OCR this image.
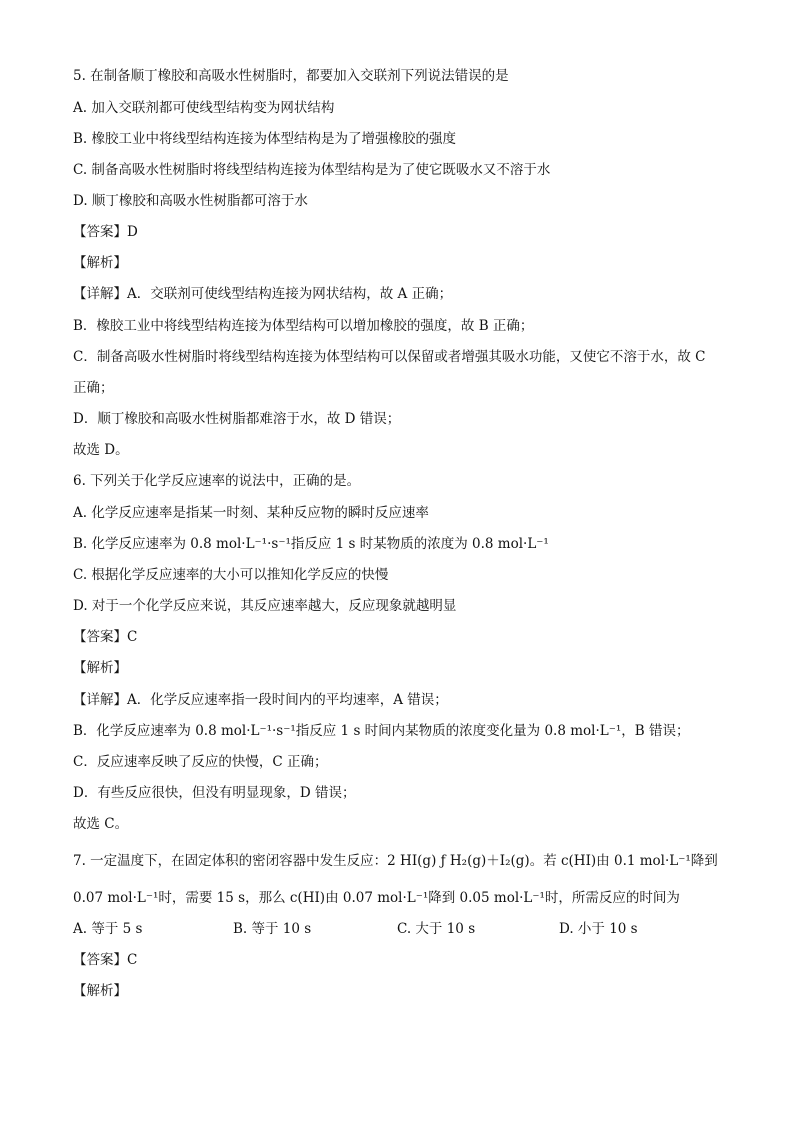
5. 在制备顺丁橡胶和高吸水性树脂时，都要加入交联剂下列说法错误的是
A. 加入交联剂都可使线型结构变为网状结构
B. 橡胶工业中将线型结构连接为体型结构是为了增强橡胶的强度
C. 制备高吸水性树脂时将线型结构连接为体型结构是为了使它既吸水又不溶于水
D. 顺丁橡胶和高吸水性树脂都可溶于水
【答案】D
【解析】
【详解】A．交联剂可使线型结构连接为网状结构，故 A 正确；
B．橡胶工业中将线型结构连接为体型结构可以增加橡胶的强度，故 B 正确；
C．制备高吸水性树脂时将线型结构连接为体型结构可以保留或者增强其吸水功能，又使它不溶于水，故 C
正确；
D．顺丁橡胶和高吸水性树脂都难溶于水，故 D 错误；
故选 D。
6. 下列关于化学反应速率的说法中，正确的是。
A. 化学反应速率是指某一时刻、某种反应物的瞬时反应速率
B. 化学反应速率为 0.8 mol·L⁻¹·s⁻¹指反应 1 s 时某物质的浓度为 0.8 mol·L⁻¹
C. 根据化学反应速率的大小可以推知化学反应的快慢
D. 对于一个化学反应来说，其反应速率越大，反应现象就越明显
【答案】C
【解析】
【详解】A．化学反应速率指一段时间内的平均速率，A 错误；
B．化学反应速率为 0.8 mol·L⁻¹·s⁻¹指反应 1 s 时间内某物质的浓度变化量为 0.8 mol·L⁻¹，B 错误；
C．反应速率反映了反应的快慢，C 正确；
D．有些反应很快，但没有明显现象，D 错误；
故选 C。
7. 一定温度下，在固定体积的密闭容器中发生反应：2 HI(g) ƒ H₂(g)＋I₂(g)。若 c(HI)由 0.1 mol·L⁻¹降到
0.07 mol·L⁻¹时，需要 15 s，那么 c(HI)由 0.07 mol·L⁻¹降到 0.05 mol·L⁻¹时，所需反应的时间为
A. 等于 5 s	B. 等于 10 s	C. 大于 10 s	D. 小于 10 s
【答案】C
【解析】
